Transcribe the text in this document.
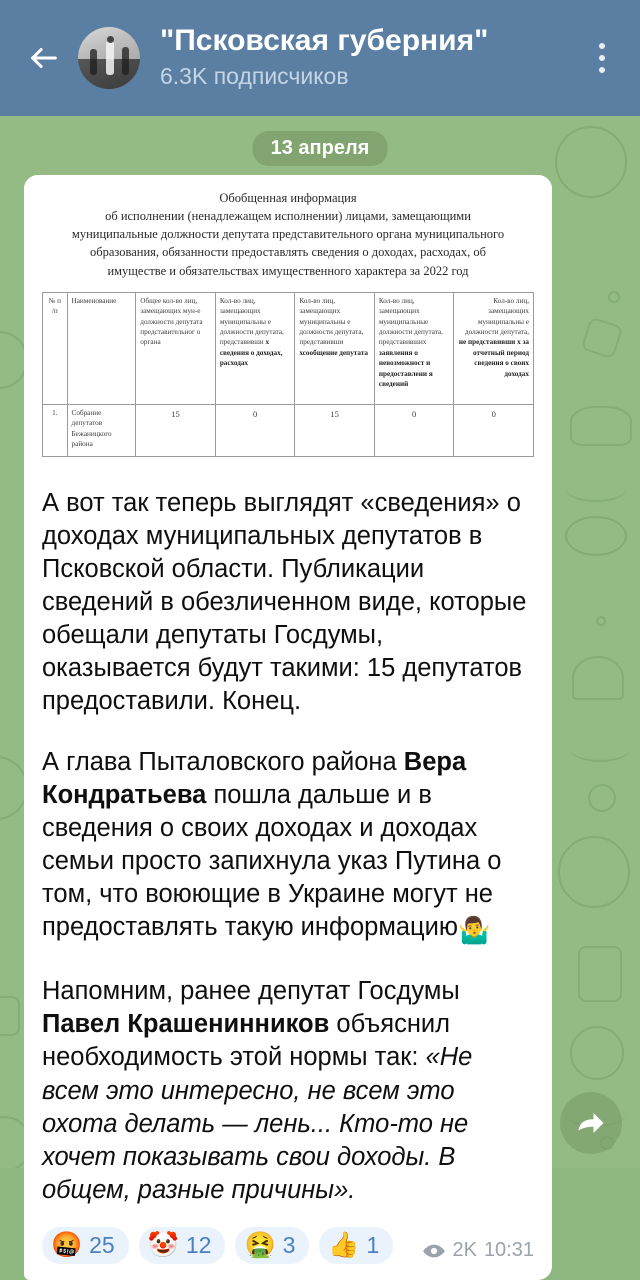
"Псковская губерния"
6.3K подписчиков
13 апреля
Обобщенная информация
об исполнении (ненадлежащем исполнении) лицами, замещающими
муниципальные должности депутата представительного органа муниципального
образования, обязанности предоставлять сведения о доходах, расходах, об
имуществе и обязательствах имущественного характера за 2022 год
№ п /п	Наименование	Общее кол-во лиц, замещающих мун-е должности депутата представительног о органа	Кол-во лиц, замещающих муниципальны е должности депутата, представивши х сведения о доходах, расходах	Кол-во лиц, замещающих муниципальны е должности депутата, представивши хсообщение депутата	Кол-во лиц, замещающих муниципальные должности депутата, представивших заявления о невозможност и предоставлени я сведений	Кол-во лиц, замещающих муниципальны е должности депутата, не представивши х за отчетный период сведения о своих доходах
1.	Собрание депутатов Бежаницкого района	15	0	15	0	0

А вот так теперь выглядят «сведения» о доходах муниципальных депутатов в Псковской области. Публикации сведений в обезличенном виде, которые обещали депутаты Госдумы, оказывается будут такими: 15 депутатов предоставили. Конец.

А глава Пыталовского района Вера Кондратьева пошла дальше и в сведения о своих доходах и доходах семьи просто запихнула указ Путина о том, что воюющие в Украине могут не предоставлять такую информацию🤷‍♂️

Напомним, ранее депутат Госдумы Павел Крашенинников объяснил необходимость этой нормы так: «Не всем это интересно, не всем это охота делать — лень... Кто-то не хочет показывать свои доходы. В общем, разные причины».

🤬 25 🤡 12 🤮 3 👍 1	2K 10:31
